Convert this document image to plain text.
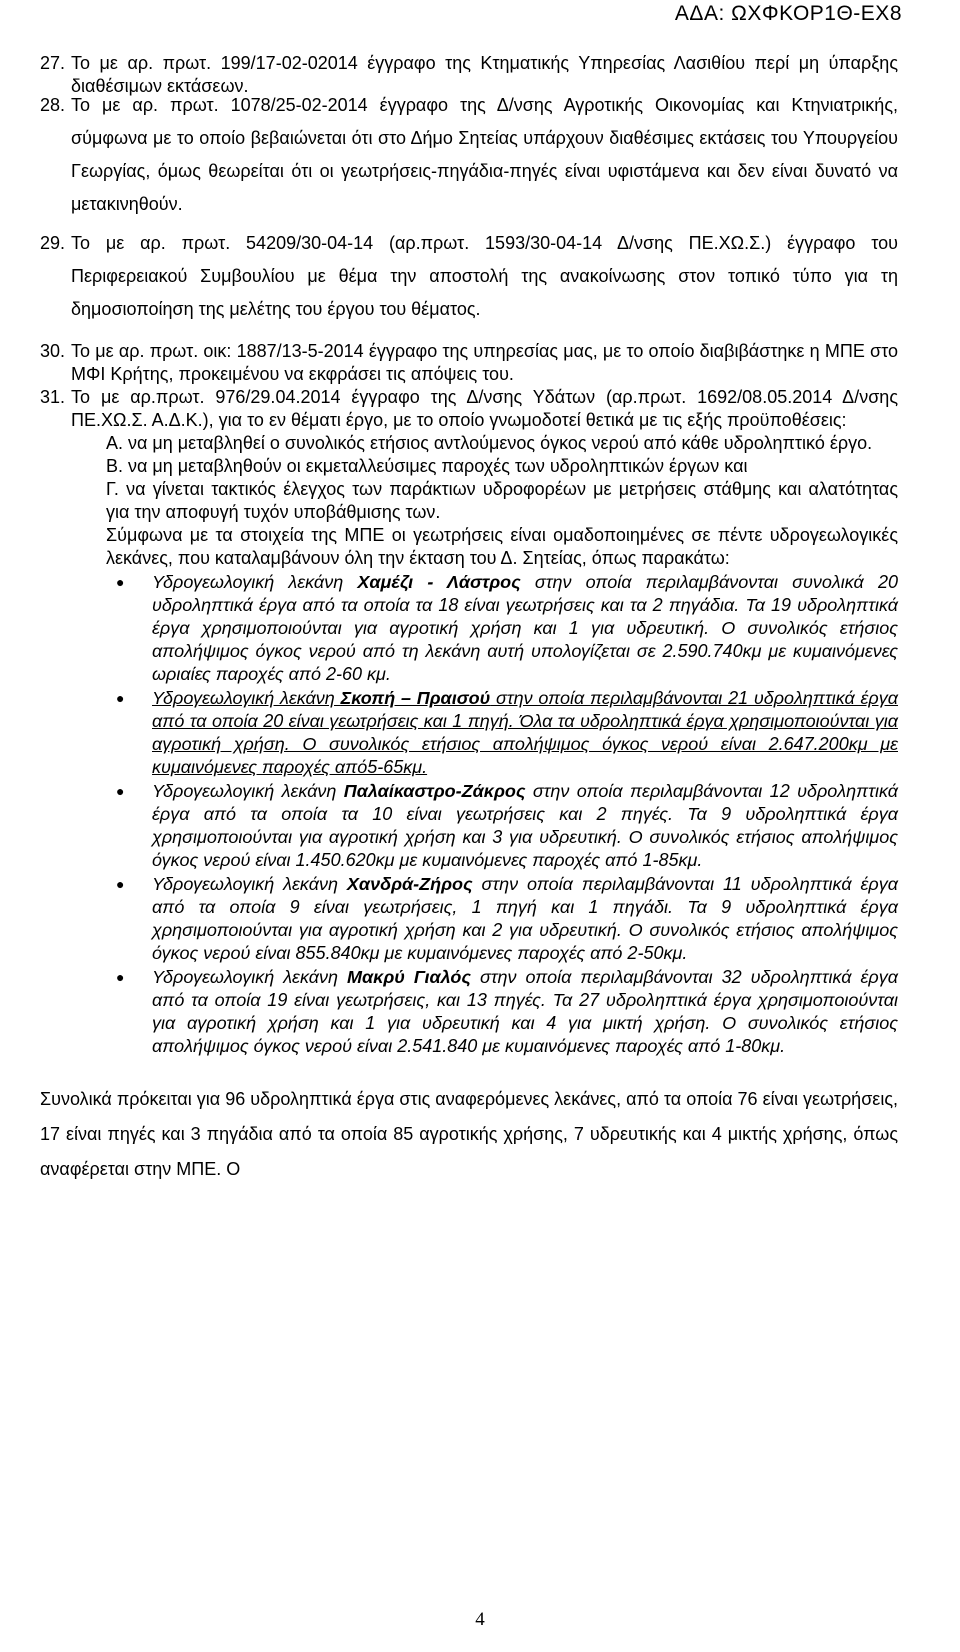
ΑΔΑ: ΩΧΦΚΟΡ1Θ-ΕΧ8
27. Το με αρ. πρωτ. 199/17-02-02014 έγγραφο της Κτηματικής Υπηρεσίας Λασιθίου περί μη ύπαρξης διαθέσιμων εκτάσεων.
28. Το με αρ. πρωτ. 1078/25-02-2014 έγγραφο της Δ/νσης Αγροτικής Οικονομίας και Κτηνιατρικής, σύμφωνα με το οποίο βεβαιώνεται ότι στο Δήμο Σητείας υπάρχουν διαθέσιμες εκτάσεις του Υπουργείου Γεωργίας, όμως θεωρείται ότι οι γεωτρήσεις-πηγάδια-πηγές είναι υφιστάμενα και δεν είναι δυνατό να μετακινηθούν.
29. Το με αρ. πρωτ. 54209/30-04-14 (αρ.πρωτ. 1593/30-04-14 Δ/νσης ΠΕ.ΧΩ.Σ.) έγγραφο του Περιφερειακού Συμβουλίου με θέμα την αποστολή της ανακοίνωσης στον τοπικό τύπο για τη δημοσιοποίηση της μελέτης του έργου του θέματος.
30. Το με αρ. πρωτ. οικ: 1887/13-5-2014 έγγραφο της υπηρεσίας μας, με το οποίο διαβιβάστηκε η ΜΠΕ στο ΜΦΙ Κρήτης, προκειμένου να εκφράσει τις απόψεις του.
31. Το με αρ.πρωτ. 976/29.04.2014 έγγραφο της Δ/νσης Υδάτων (αρ.πρωτ. 1692/08.05.2014 Δ/νσης ΠΕ.ΧΩ.Σ. Α.Δ.Κ.), για το εν θέματι έργο, με το οποίο γνωμοδοτεί θετικά με τις εξής προϋποθέσεις:

Α. να μη μεταβληθεί ο συνολικός ετήσιος αντλούμενος όγκος νερού από κάθε υδροληπτικό έργο.

Β. να μη μεταβληθούν οι εκμεταλλεύσιμες παροχές των υδροληπτικών έργων και

Γ. να γίνεται τακτικός έλεγχος των παράκτιων υδροφορέων με μετρήσεις στάθμης και αλατότητας για την αποφυγή τυχόν υποβάθμισης των.

Σύμφωνα με τα στοιχεία της ΜΠΕ οι γεωτρήσεις είναι ομαδοποιημένες σε πέντε υδρογεωλογικές λεκάνες, που καταλαμβάνουν όλη την έκταση του Δ. Σητείας, όπως παρακάτω:

● Υδρογεωλογική λεκάνη Χαμέζι - Λάστρος στην οποία περιλαμβάνονται συνολικά 20 υδροληπτικά έργα από τα οποία τα 18 είναι γεωτρήσεις και τα 2 πηγάδια. Τα 19 υδροληπτικά έργα χρησιμοποιούνται για αγροτική χρήση και 1 για υδρευτική. Ο συνολικός ετήσιος απολήψιμος όγκος νερού από τη λεκάνη αυτή υπολογίζεται σε 2.590.740κμ με κυμαινόμενες ωριαίες παροχές από 2-60 κμ.
● Υδρογεωλογική λεκάνη Σκοπή – Πραισού στην οποία περιλαμβάνονται 21 υδροληπτικά έργα από τα οποία 20 είναι γεωτρήσεις και 1 πηγή. Όλα τα υδροληπτικά έργα χρησιμοποιούνται για αγροτική χρήση. Ο συνολικός ετήσιος απολήψιμος όγκος νερού είναι 2.647.200κμ με κυμαινόμενες παροχές από5-65κμ.
● Υδρογεωλογική λεκάνη Παλαίκαστρο-Ζάκρος στην οποία περιλαμβάνονται 12 υδροληπτικά έργα από τα οποία τα 10 είναι γεωτρήσεις και 2 πηγές. Τα 9 υδροληπτικά έργα χρησιμοποιούνται για αγροτική χρήση και 3 για υδρευτική. Ο συνολικός ετήσιος απολήψιμος όγκος νερού είναι 1.450.620κμ με κυμαινόμενες παροχές από 1-85κμ.
● Υδρογεωλογική λεκάνη Χανδρά-Ζήρος στην οποία περιλαμβάνονται 11 υδροληπτικά έργα από τα οποία 9 είναι γεωτρήσεις, 1 πηγή και 1 πηγάδι. Τα 9 υδροληπτικά έργα χρησιμοποιούνται για αγροτική χρήση και 2 για υδρευτική. Ο συνολικός ετήσιος απολήψιμος όγκος νερού είναι 855.840κμ με κυμαινόμενες παροχές από 2-50κμ.
● Υδρογεωλογική λεκάνη Μακρύ Γιαλός στην οποία περιλαμβάνονται 32 υδροληπτικά έργα από τα οποία 19 είναι γεωτρήσεις, και 13 πηγές. Τα 27 υδροληπτικά έργα χρησιμοποιούνται για αγροτική χρήση και 1 για υδρευτική και 4 για μικτή χρήση. Ο συνολικός ετήσιος απολήψιμος όγκος νερού είναι 2.541.840 με κυμαινόμενες παροχές από 1-80κμ.

Συνολικά πρόκειται για 96 υδροληπτικά έργα στις αναφερόμενες λεκάνες, από τα οποία 76 είναι γεωτρήσεις, 17 είναι πηγές και 3 πηγάδια από τα οποία 85 αγροτικής χρήσης, 7 υδρευτικής και 4 μικτής χρήσης, όπως αναφέρεται στην ΜΠΕ. Ο

4
